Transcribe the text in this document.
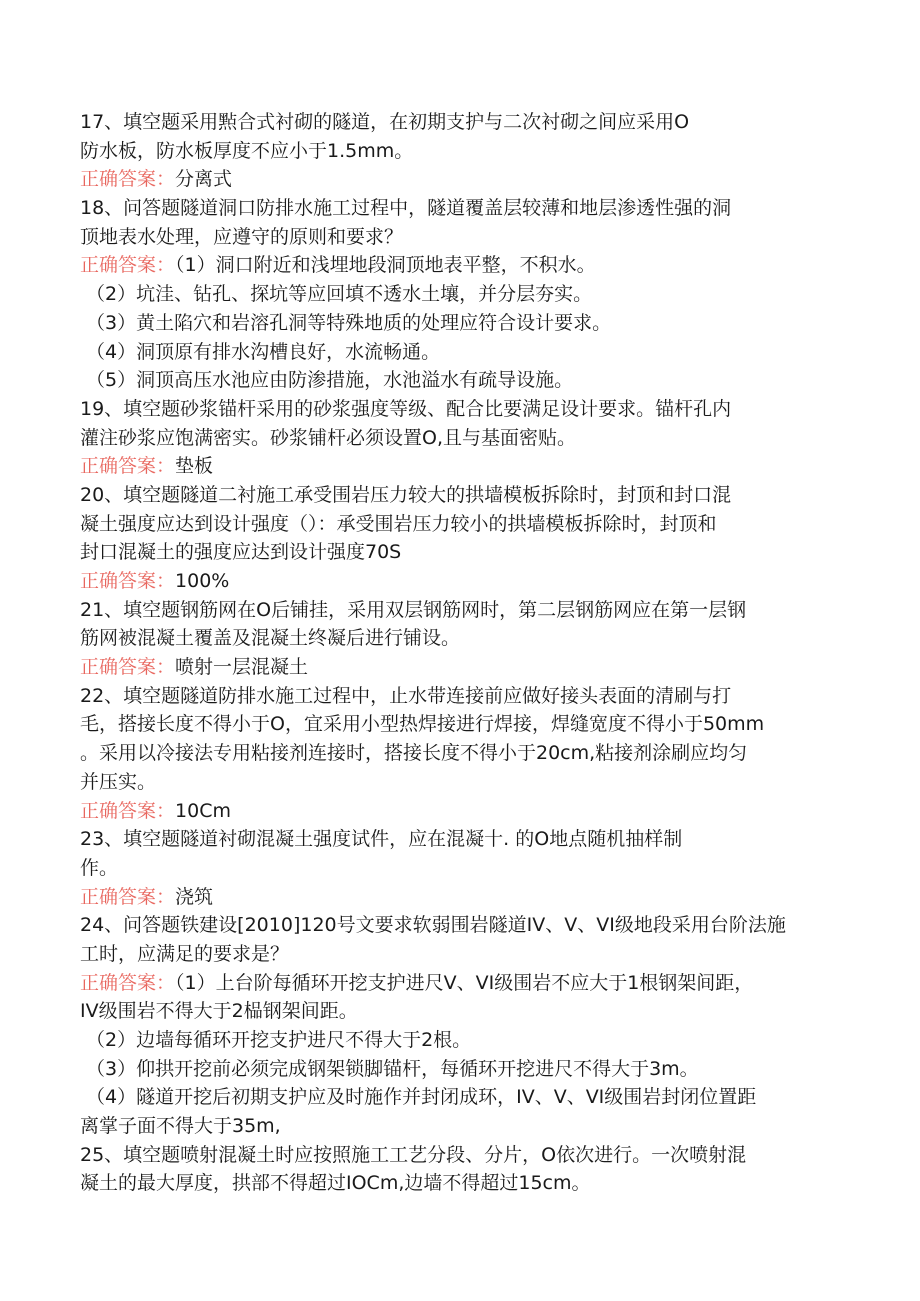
17、填空题采用㸃合式衬砌的隧道，在初期支护与二次衬砌之间应采用O
防水板，防水板厚度不应小于1.5mm。
正确答案：分离式
18、问答题隧道洞口防排水施工过程中，隧道覆盖层较薄和地层渗透性强的洞
顶地表水处理，应遵守的原则和要求？
正确答案：（1）洞口附近和浅埋地段洞顶地表平整，不积水。
（2）坑洼、钻孔、探坑等应回填不透水土壤，并分层夯实。
（3）黄土陷穴和岩溶孔洞等特殊地质的处理应符合设计要求。
（4）洞顶原有排水沟槽良好，水流畅通。
（5）洞顶高压水池应由防渗措施，水池溢水有疏导设施。
19、填空题砂浆锚杆采用的砂浆强度等级、配合比要满足设计要求。锚杆孔内
灌注砂浆应饱满密实。砂浆铺杆必须设置O,且与基面密贴。
正确答案：垫板
20、填空题隧道二衬施工承受围岩压力较大的拱墙模板拆除时，封顶和封口混
凝土强度应达到设计强度（）：承受围岩压力较小的拱墙模板拆除时，封顶和
封口混凝土的强度应达到设计强度70S
正确答案：100%
21、填空题钢筋网在O后铺挂，采用双层钢筋网时，第二层钢筋网应在第一层钢
筋网被混凝土覆盖及混凝土终凝后进行铺设。
正确答案：喷射一层混凝土
22、填空题隧道防排水施工过程中，止水带连接前应做好接头表面的清刷与打
毛，搭接长度不得小于O，宜采用小型热焊接进行焊接，焊缝宽度不得小于50mm
。采用以冷接法专用粘接剂连接时，搭接长度不得小于20cm,粘接剂涂刷应均匀
并压实。
正确答案：10Cm
23、填空题隧道衬砌混凝土强度试件，应在混凝十. 的O地点随机抽样制
作。
正确答案：浇筑
24、问答题铁建设[2010]120号文要求软弱围岩隧道IV、V、VI级地段采用台阶法施
工时，应满足的要求是？
正确答案：（1）上台阶每循环开挖支护进尺V、VI级围岩不应大于1根钢架间距，
IV级围岩不得大于2榀钢架间距。
（2）边墙每循环开挖支护进尺不得大于2根。
（3）仰拱开挖前必须完成钢架锁脚锚杆，每循环开挖进尺不得大于3m。
（4）隧道开挖后初期支护应及时施作并封闭成环，IV、V、VI级围岩封闭位置距
离掌子面不得大于35m,
25、填空题喷射混凝土时应按照施工工艺分段、分片，O依次进行。一次喷射混
凝土的最大厚度，拱部不得超过IOCm,边墙不得超过15cm。
